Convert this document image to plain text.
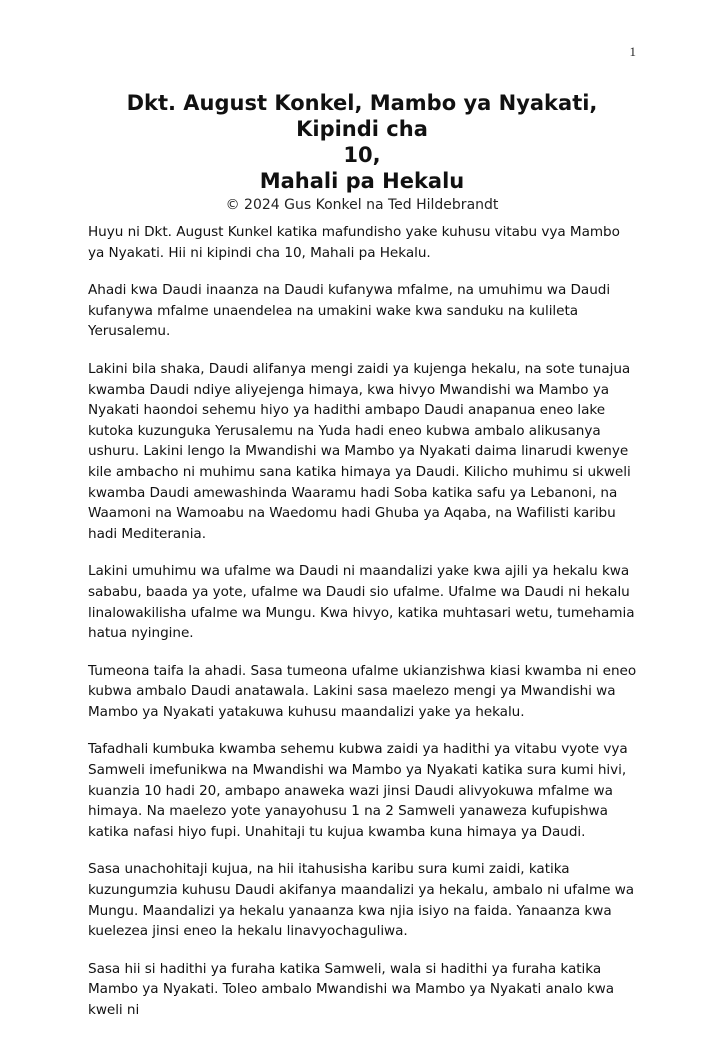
1
Dkt. August Konkel, Mambo ya Nyakati, Kipindi cha
10,
Mahali pa Hekalu
© 2024 Gus Konkel na Ted Hildebrandt

Huyu ni Dkt. August Kunkel katika mafundisho yake kuhusu vitabu vya Mambo ya Nyakati. Hii ni kipindi cha 10, Mahali pa Hekalu.

Ahadi kwa Daudi inaanza na Daudi kufanywa mfalme, na umuhimu wa Daudi kufanywa mfalme unaendelea na umakini wake kwa sanduku na kulileta Yerusalemu.

Lakini bila shaka, Daudi alifanya mengi zaidi ya kujenga hekalu, na sote tunajua kwamba Daudi ndiye aliyejenga himaya, kwa hivyo Mwandishi wa Mambo ya Nyakati haondoi sehemu hiyo ya hadithi ambapo Daudi anapanua eneo lake kutoka kuzunguka Yerusalemu na Yuda hadi eneo kubwa ambalo alikusanya ushuru. Lakini lengo la Mwandishi wa Mambo ya Nyakati daima linarudi kwenye kile ambacho ni muhimu sana katika himaya ya Daudi. Kilicho muhimu si ukweli kwamba Daudi amewashinda Waaramu hadi Soba katika safu ya Lebanoni, na Waamoni na Wamoabu na Waedomu hadi Ghuba ya Aqaba, na Wafilisti karibu hadi Mediterania.

Lakini umuhimu wa ufalme wa Daudi ni maandalizi yake kwa ajili ya hekalu kwa sababu, baada ya yote, ufalme wa Daudi sio ufalme. Ufalme wa Daudi ni hekalu linalowakilisha ufalme wa Mungu. Kwa hivyo, katika muhtasari wetu, tumehamia hatua nyingine.

Tumeona taifa la ahadi. Sasa tumeona ufalme ukianzishwa kiasi kwamba ni eneo kubwa ambalo Daudi anatawala. Lakini sasa maelezo mengi ya Mwandishi wa Mambo ya Nyakati yatakuwa kuhusu maandalizi yake ya hekalu.

Tafadhali kumbuka kwamba sehemu kubwa zaidi ya hadithi ya vitabu vyote vya Samweli imefunikwa na Mwandishi wa Mambo ya Nyakati katika sura kumi hivi, kuanzia 10 hadi 20, ambapo anaweka wazi jinsi Daudi alivyokuwa mfalme wa himaya. Na maelezo yote yanayohusu 1 na 2 Samweli yanaweza kufupishwa katika nafasi hiyo fupi. Unahitaji tu kujua kwamba kuna himaya ya Daudi.

Sasa unachohitaji kujua, na hii itahusisha karibu sura kumi zaidi, katika kuzungumzia kuhusu Daudi akifanya maandalizi ya hekalu, ambalo ni ufalme wa Mungu. Maandalizi ya hekalu yanaanza kwa njia isiyo na faida. Yanaanza kwa kuelezea jinsi eneo la hekalu linavyochaguliwa.

Sasa hii si hadithi ya furaha katika Samweli, wala si hadithi ya furaha katika Mambo ya Nyakati. Toleo ambalo Mwandishi wa Mambo ya Nyakati analo kwa kweli ni
